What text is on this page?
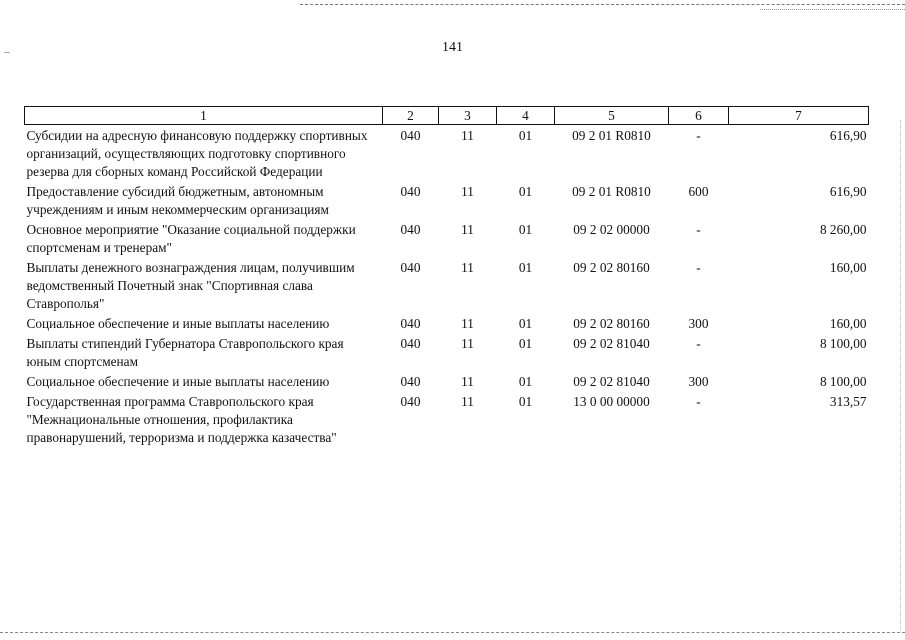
141
1	2	3	4	5	6	7
Субсидии на адресную финансовую поддержку спортивных организаций, осуществляющих подготовку спортивного резерва для сборных команд Российской Федерации	040	11	01	09 2 01 R0810	-	616,90
Предоставление субсидий бюджетным, автономным учреждениям и иным некоммерческим организациям	040	11	01	09 2 01 R0810	600	616,90
Основное мероприятие "Оказание социальной поддержки спортсменам и тренерам"	040	11	01	09 2 02 00000	-	8 260,00
Выплаты денежного вознаграждения лицам, получившим ведомственный Почетный знак "Спортивная слава Ставрополья"	040	11	01	09 2 02 80160	-	160,00
Социальное обеспечение и иные выплаты населению	040	11	01	09 2 02 80160	300	160,00
Выплаты стипендий Губернатора Ставропольского края юным спортсменам	040	11	01	09 2 02 81040	-	8 100,00
Социальное обеспечение и иные выплаты населению	040	11	01	09 2 02 81040	300	8 100,00
Государственная программа Ставропольского края "Межнациональные отношения, профилактика правонарушений, терроризма и поддержка казачества"	040	11	01	13 0 00 00000	-	313,57
